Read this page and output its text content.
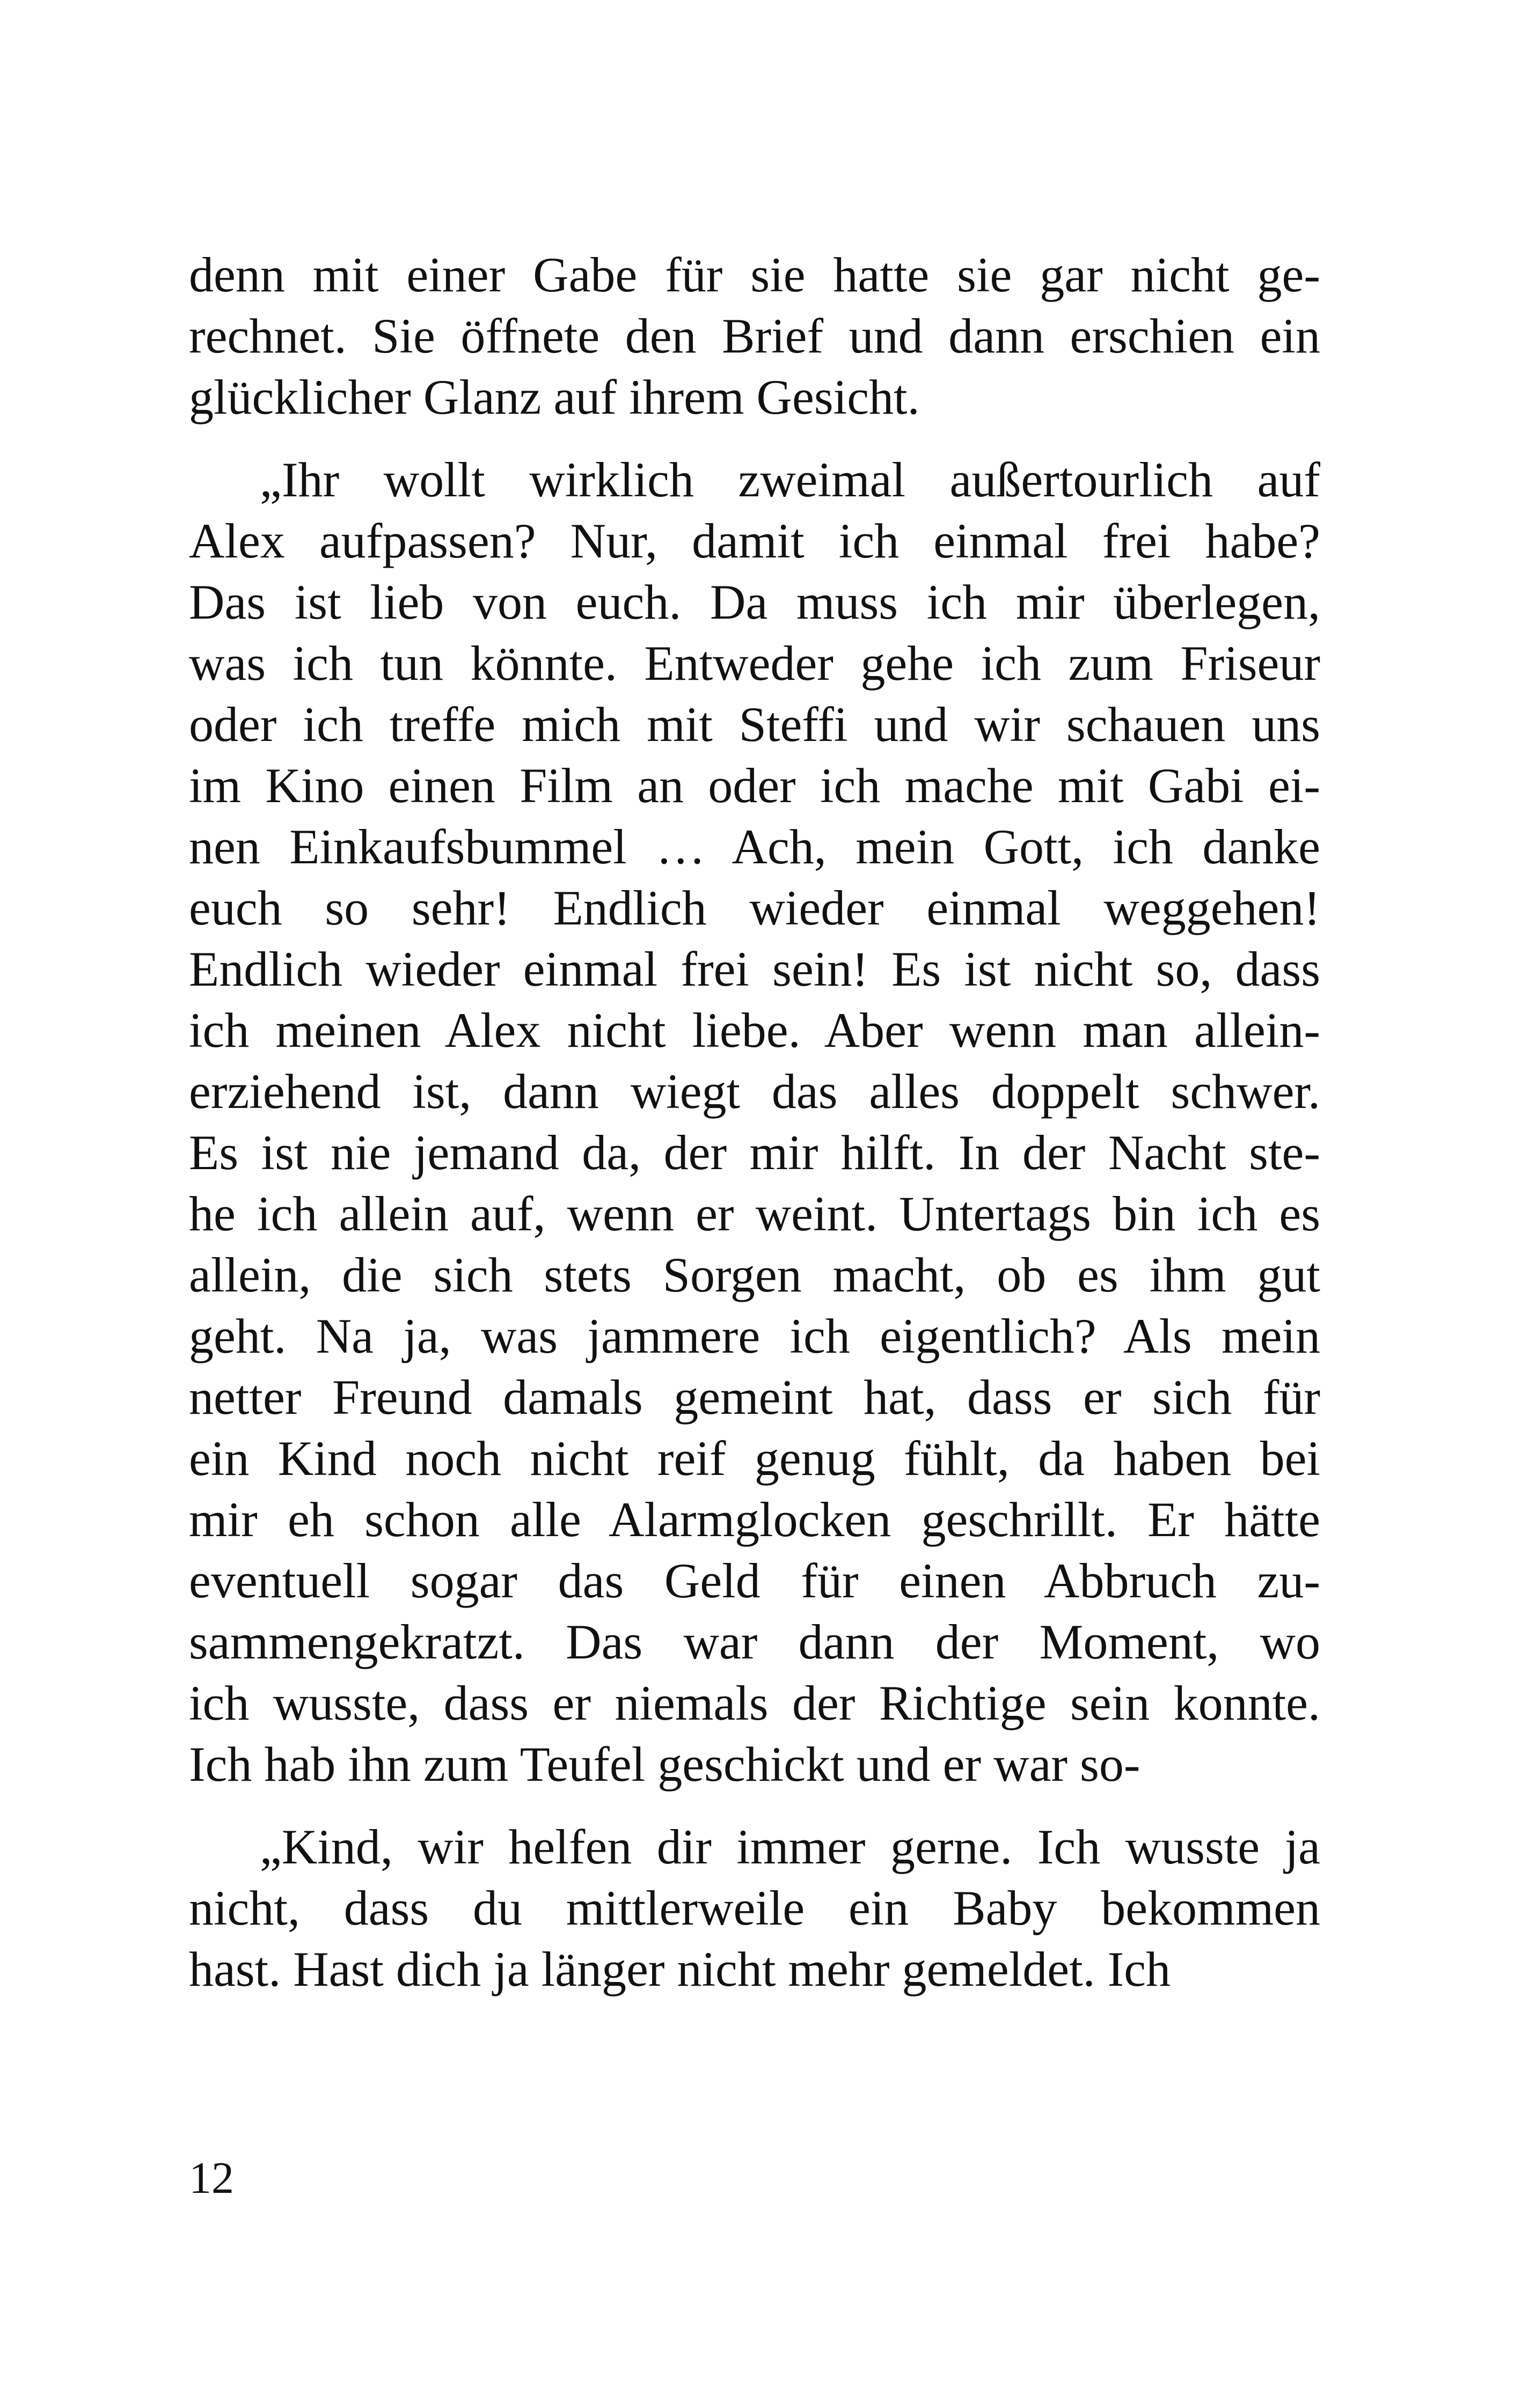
denn mit einer Gabe für sie hatte sie gar nicht ge-
rechnet. Sie öffnete den Brief und dann erschien ein
glücklicher Glanz auf ihrem Gesicht.
„Ihr wollt wirklich zweimal außertourlich auf
Alex aufpassen? Nur, damit ich einmal frei habe?
Das ist lieb von euch. Da muss ich mir überlegen,
was ich tun könnte. Entweder gehe ich zum Friseur
oder ich treffe mich mit Steffi und wir schauen uns
im Kino einen Film an oder ich mache mit Gabi ei-
nen Einkaufsbummel … Ach, mein Gott, ich danke
euch so sehr! Endlich wieder einmal weggehen!
Endlich wieder einmal frei sein! Es ist nicht so, dass
ich meinen Alex nicht liebe. Aber wenn man allein-
erziehend ist, dann wiegt das alles doppelt schwer.
Es ist nie jemand da, der mir hilft. In der Nacht ste-
he ich allein auf, wenn er weint. Untertags bin ich es
allein, die sich stets Sorgen macht, ob es ihm gut
geht. Na ja, was jammere ich eigentlich? Als mein
netter Freund damals gemeint hat, dass er sich für
ein Kind noch nicht reif genug fühlt, da haben bei
mir eh schon alle Alarmglocken geschrillt. Er hätte
eventuell sogar das Geld für einen Abbruch zu-
sammengekratzt. Das war dann der Moment, wo
ich wusste, dass er niemals der Richtige sein konnte.
Ich hab ihn zum Teufel geschickt und er war so-
„Kind, wir helfen dir immer gerne. Ich wusste ja
nicht, dass du mittlerweile ein Baby bekommen
hast. Hast dich ja länger nicht mehr gemeldet. Ich
12
